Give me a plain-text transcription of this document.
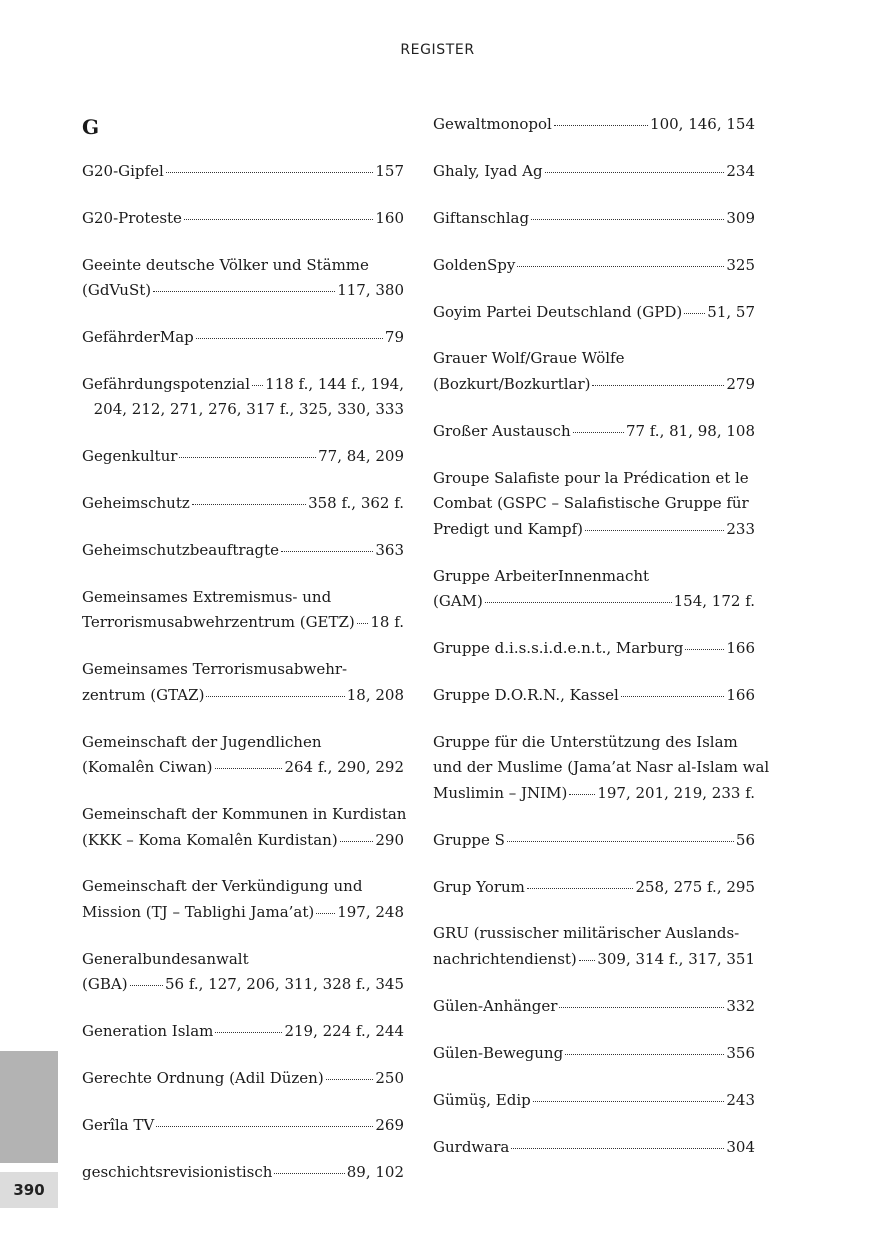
REGISTER
G
G20-Gipfel	157
G20-Proteste	160
Geeinte deutsche Völker und Stämme
(GdVuSt)	117, 380
GefährderMap	79
Gefährdungspotenzial 118 f., 144 f., 194,
204, 212, 271, 276, 317 f., 325, 330, 333
Gegenkultur	77, 84, 209
Geheimschutz	358 f., 362 f.
Geheimschutzbeauftragte	363
Gemeinsames Extremismus- und
Terrorismusabwehrzentrum (GETZ) 18 f.
Gemeinsames Terrorismusabwehr-
zentrum (GTAZ)	18, 208
Gemeinschaft der Jugendlichen
(Komalên Ciwan)	264 f., 290, 292
Gemeinschaft der Kommunen in Kurdistan
(KKK – Koma Komalên Kurdistan)	290
Gemeinschaft der Verkündigung und
Mission (TJ – Tablighi Jama’at) 197, 248
Generalbundesanwalt
(GBA) 56 f., 127, 206, 311, 328 f., 345
Generation Islam	219, 224 f., 244
Gerechte Ordnung (Adil Düzen)	250
Gerîla TV	269
geschichtsrevisionistisch	89, 102
Gewaltmonopol	100, 146, 154
Ghaly, Iyad Ag	234
Giftanschlag	309
GoldenSpy	325
Goyim Partei Deutschland (GPD) 51, 57
Grauer Wolf/Graue Wölfe
(Bozkurt/Bozkurtlar)	279
Großer Austausch	77 f., 81, 98, 108
Groupe Salafiste pour la Prédication et le
Combat (GSPC – Salafistische Gruppe für
Predigt und Kampf)	233
Gruppe ArbeiterInnenmacht
(GAM)	154, 172 f.
Gruppe d.i.s.s.i.d.e.n.t., Marburg	166
Gruppe D.O.R.N., Kassel	166
Gruppe für die Unterstützung des Islam
und der Muslime (Jama’at Nasr al-Islam wal
Muslimin – JNIM) 197, 201, 219, 233 f.
Gruppe S	56
Grup Yorum	258, 275 f., 295
GRU (russischer militärischer Auslands-
nachrichtendienst) 309, 314 f., 317, 351
Gülen-Anhänger	332
Gülen-Bewegung	356
Gümüş, Edip	243
Gurdwara	304
390
